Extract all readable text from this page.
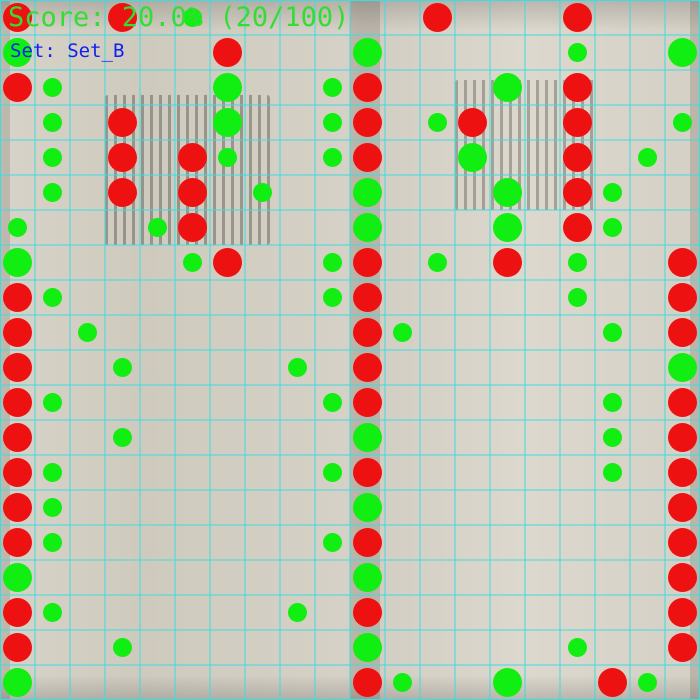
Score: 20.0% (20/100)
Set: Set_B
